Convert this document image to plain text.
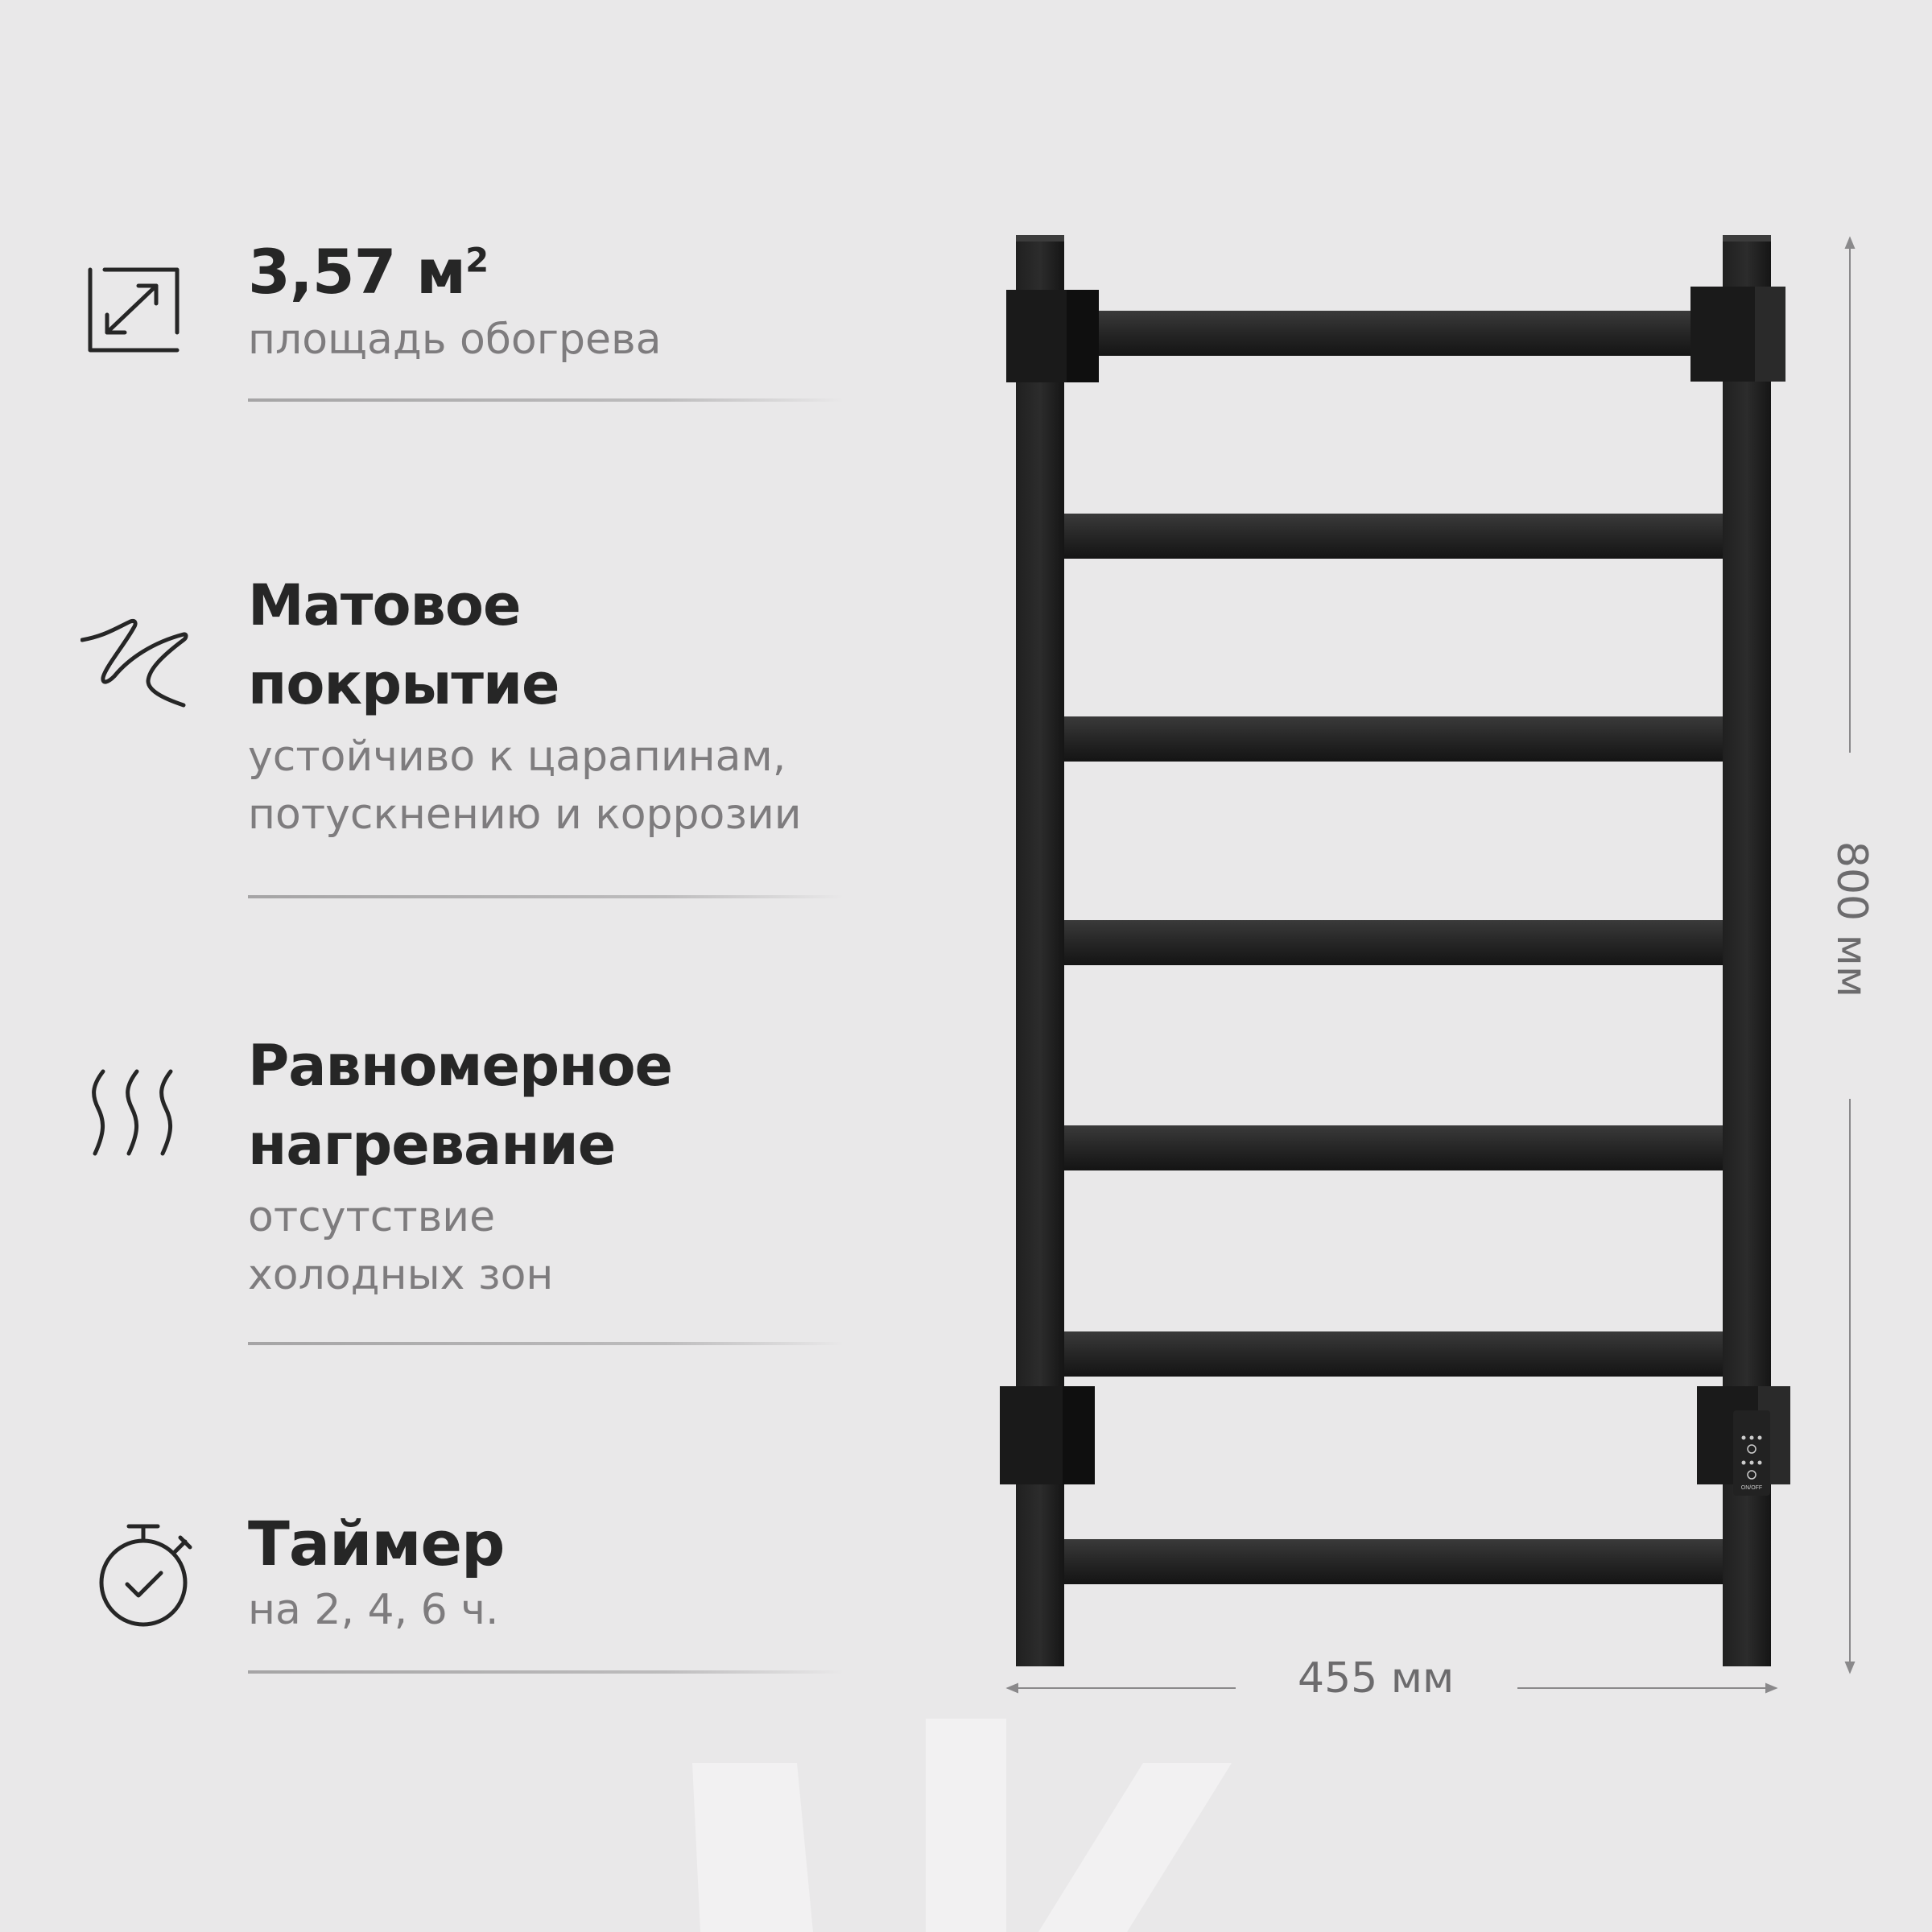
3,57 $м^2$
площадь обогрева
Матовое
покрытие
устойчиво к царапинам,
потускнению и коррозии
Равномерное
нагревание
отсутствие
холодных зон
Таймер
на 2, 4, 6 ч.
ON/OFF
455 мм
800 мм
